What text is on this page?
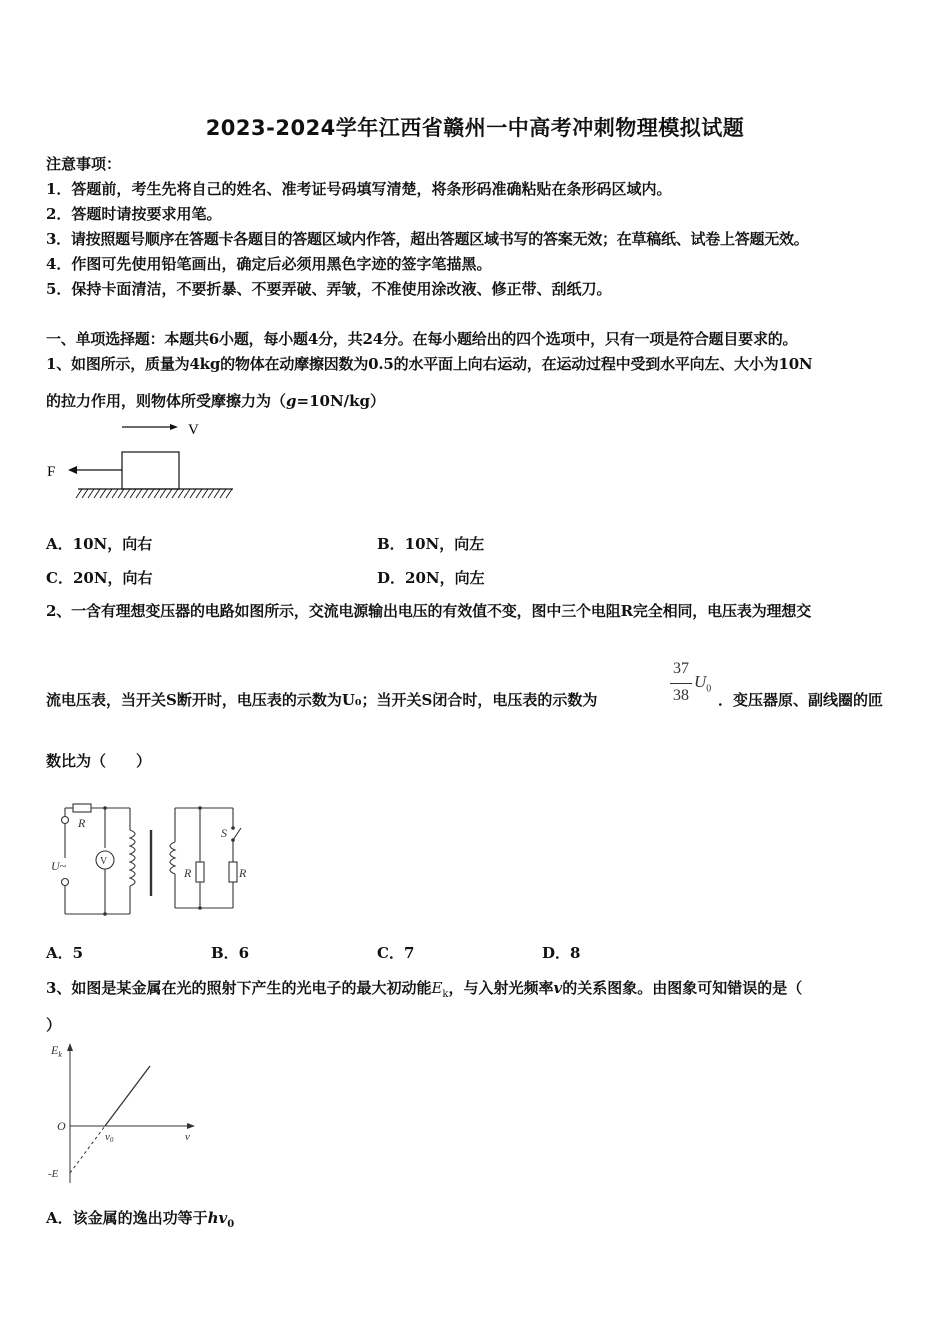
2023-2024学年江西省赣州一中高考冲刺物理模拟试题
注意事项：
1．答题前，考生先将自己的姓名、准考证号码填写清楚，将条形码准确粘贴在条形码区域内。
2．答题时请按要求用笔。
3．请按照题号顺序在答题卡各题目的答题区域内作答，超出答题区域书写的答案无效；在草稿纸、试卷上答题无效。
4．作图可先使用铅笔画出，确定后必须用黑色字迹的签字笔描黑。
5．保持卡面清洁，不要折暴、不要弄破、弄皱，不准使用涂改液、修正带、刮纸刀。
一、单项选择题：本题共6小题，每小题4分，共24分。在每小题给出的四个选项中，只有一项是符合题目要求的。
1、如图所示，质量为4kg的物体在动摩擦因数为0.5的水平面上向右运动，在运动过程中受到水平向左、大小为10N
的拉力作用，则物体所受摩擦力为（g=10N/kg）
V
F
A．10N，向右	B．10N，向左
C．20N，向右	D．20N，向左
2、一含有理想变压器的电路如图所示，交流电源输出电压的有效值不变，图中三个电阻R完全相同，电压表为理想交
流电压表，当开关S断开时，电压表的示数为U₀；当开关S闭合时，电压表的示数为
37
38
$U_0$
．变压器原、副线圈的匝
数比为（　　）
R
U~	V
R
S
R
A．5	B．6	C．7	D．8
3、如图是某金属在光的照射下产生的光电子的最大初动能$E_k$，与入射光频率v的关系图象。由图象可知错误的是（
）
$E_k$
O
v0	v
-E
A．该金属的逸出功等于$hv_0$
